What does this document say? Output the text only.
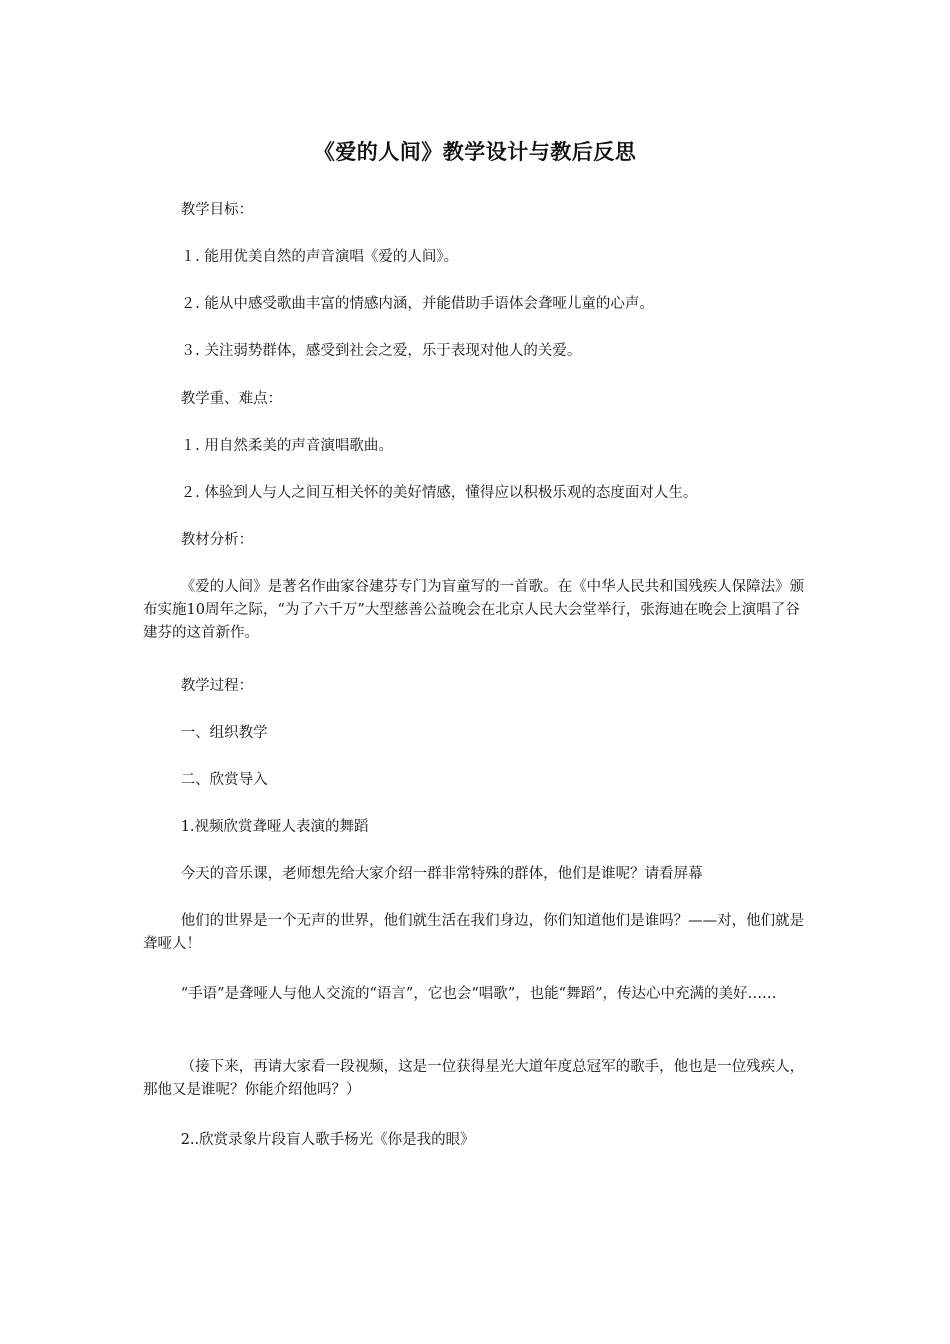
《爱的人间》教学设计与教后反思

教学目标：

１. 能用优美自然的声音演唱《爱的人间》。

２. 能从中感受歌曲丰富的情感内涵，并能借助手语体会聋哑儿童的心声。

３. 关注弱势群体，感受到社会之爱，乐于表现对他人的关爱。

教学重、难点：

１. 用自然柔美的声音演唱歌曲。

２. 体验到人与人之间互相关怀的美好情感，懂得应以积极乐观的态度面对人生。

教材分析：

《爱的人间》是著名作曲家谷建芬专门为盲童写的一首歌。在《中华人民共和国残疾人保障法》颁布实施10周年之际，“为了六千万”大型慈善公益晚会在北京人民大会堂举行，张海迪在晚会上演唱了谷建芬的这首新作。

教学过程：

一、组织教学

二、欣赏导入

1.视频欣赏聋哑人表演的舞蹈

今天的音乐课，老师想先给大家介绍一群非常特殊的群体，他们是谁呢？请看屏幕

他们的世界是一个无声的世界，他们就生活在我们身边，你们知道他们是谁吗？——对，他们就是聋哑人！

“手语”是聋哑人与他人交流的“语言”，它也会“唱歌”，也能“舞蹈”，传达心中充满的美好……

（接下来，再请大家看一段视频，这是一位获得星光大道年度总冠军的歌手，他也是一位残疾人，那他又是谁呢？你能介绍他吗？）

2..欣赏录象片段盲人歌手杨光《你是我的眼》
